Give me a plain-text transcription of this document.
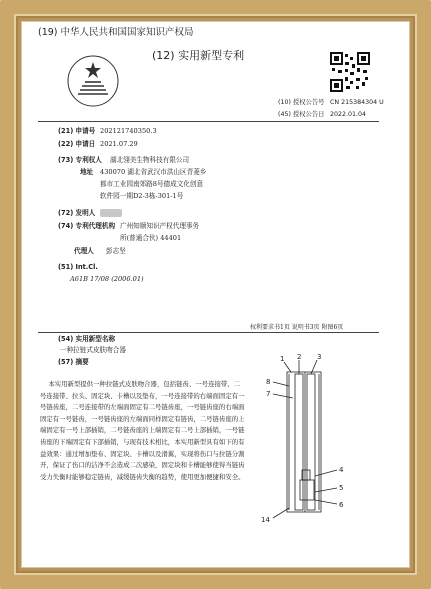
(19) 中华人民共和国国家知识产权局
(12) 实用新型专利
(10) 授权公告号 CN 215384304 U
(45) 授权公告日 2022.01.04
(21) 申请号 202121740350.3
(22) 申请日 2021.07.29
(73) 专利权人 湖北翎美生物科技有限公司
地址 430070 湖北省武汉市洪山区青菱乡
都市工业园南郊路8号德成文化创意
软件园一期D2-3栋-301-1号
(72) 发明人
(74) 专利代理机构 广州知顺知识产权代理事务
所(普通合伙) 44401
代理人 彭志坚
(51) Int.Cl.
A61B 17/08 (2006.01)
权利要求书1页 说明书3页 附图6页
(54) 实用新型名称
一种拉链式皮肤吻合器
(57) 摘要
本实用新型提供一种拉链式皮肤吻合器，包括链齿、一号连接带、二号连接带、拉头、固定块、卡槽以及垫布，一号连接带的右端面固定有一号链齿座，二号连接带的左端面固定有二号链齿座，一号链齿座的右端面固定有一号链齿，一号链齿座的左端面同样固定有链齿，二号链齿座的上端固定有一号上部插销，二号链齿座的上端固定有二号上部插销，一号链齿座的下端固定有下部插销，与现有技术相比，本实用新型具有如下的有益效果：通过增加垫布、固定块、卡槽以及滑翼，实现将伤口与拉链分割开，保证了伤口的洁净不会造成二次感染，固定块和卡槽能够使得当链齿受力失衡时能够稳定链齿，减缓链齿失衡的趋势，使用更加便捷和安全。
1 2 3
8
7
4
5
6
14
